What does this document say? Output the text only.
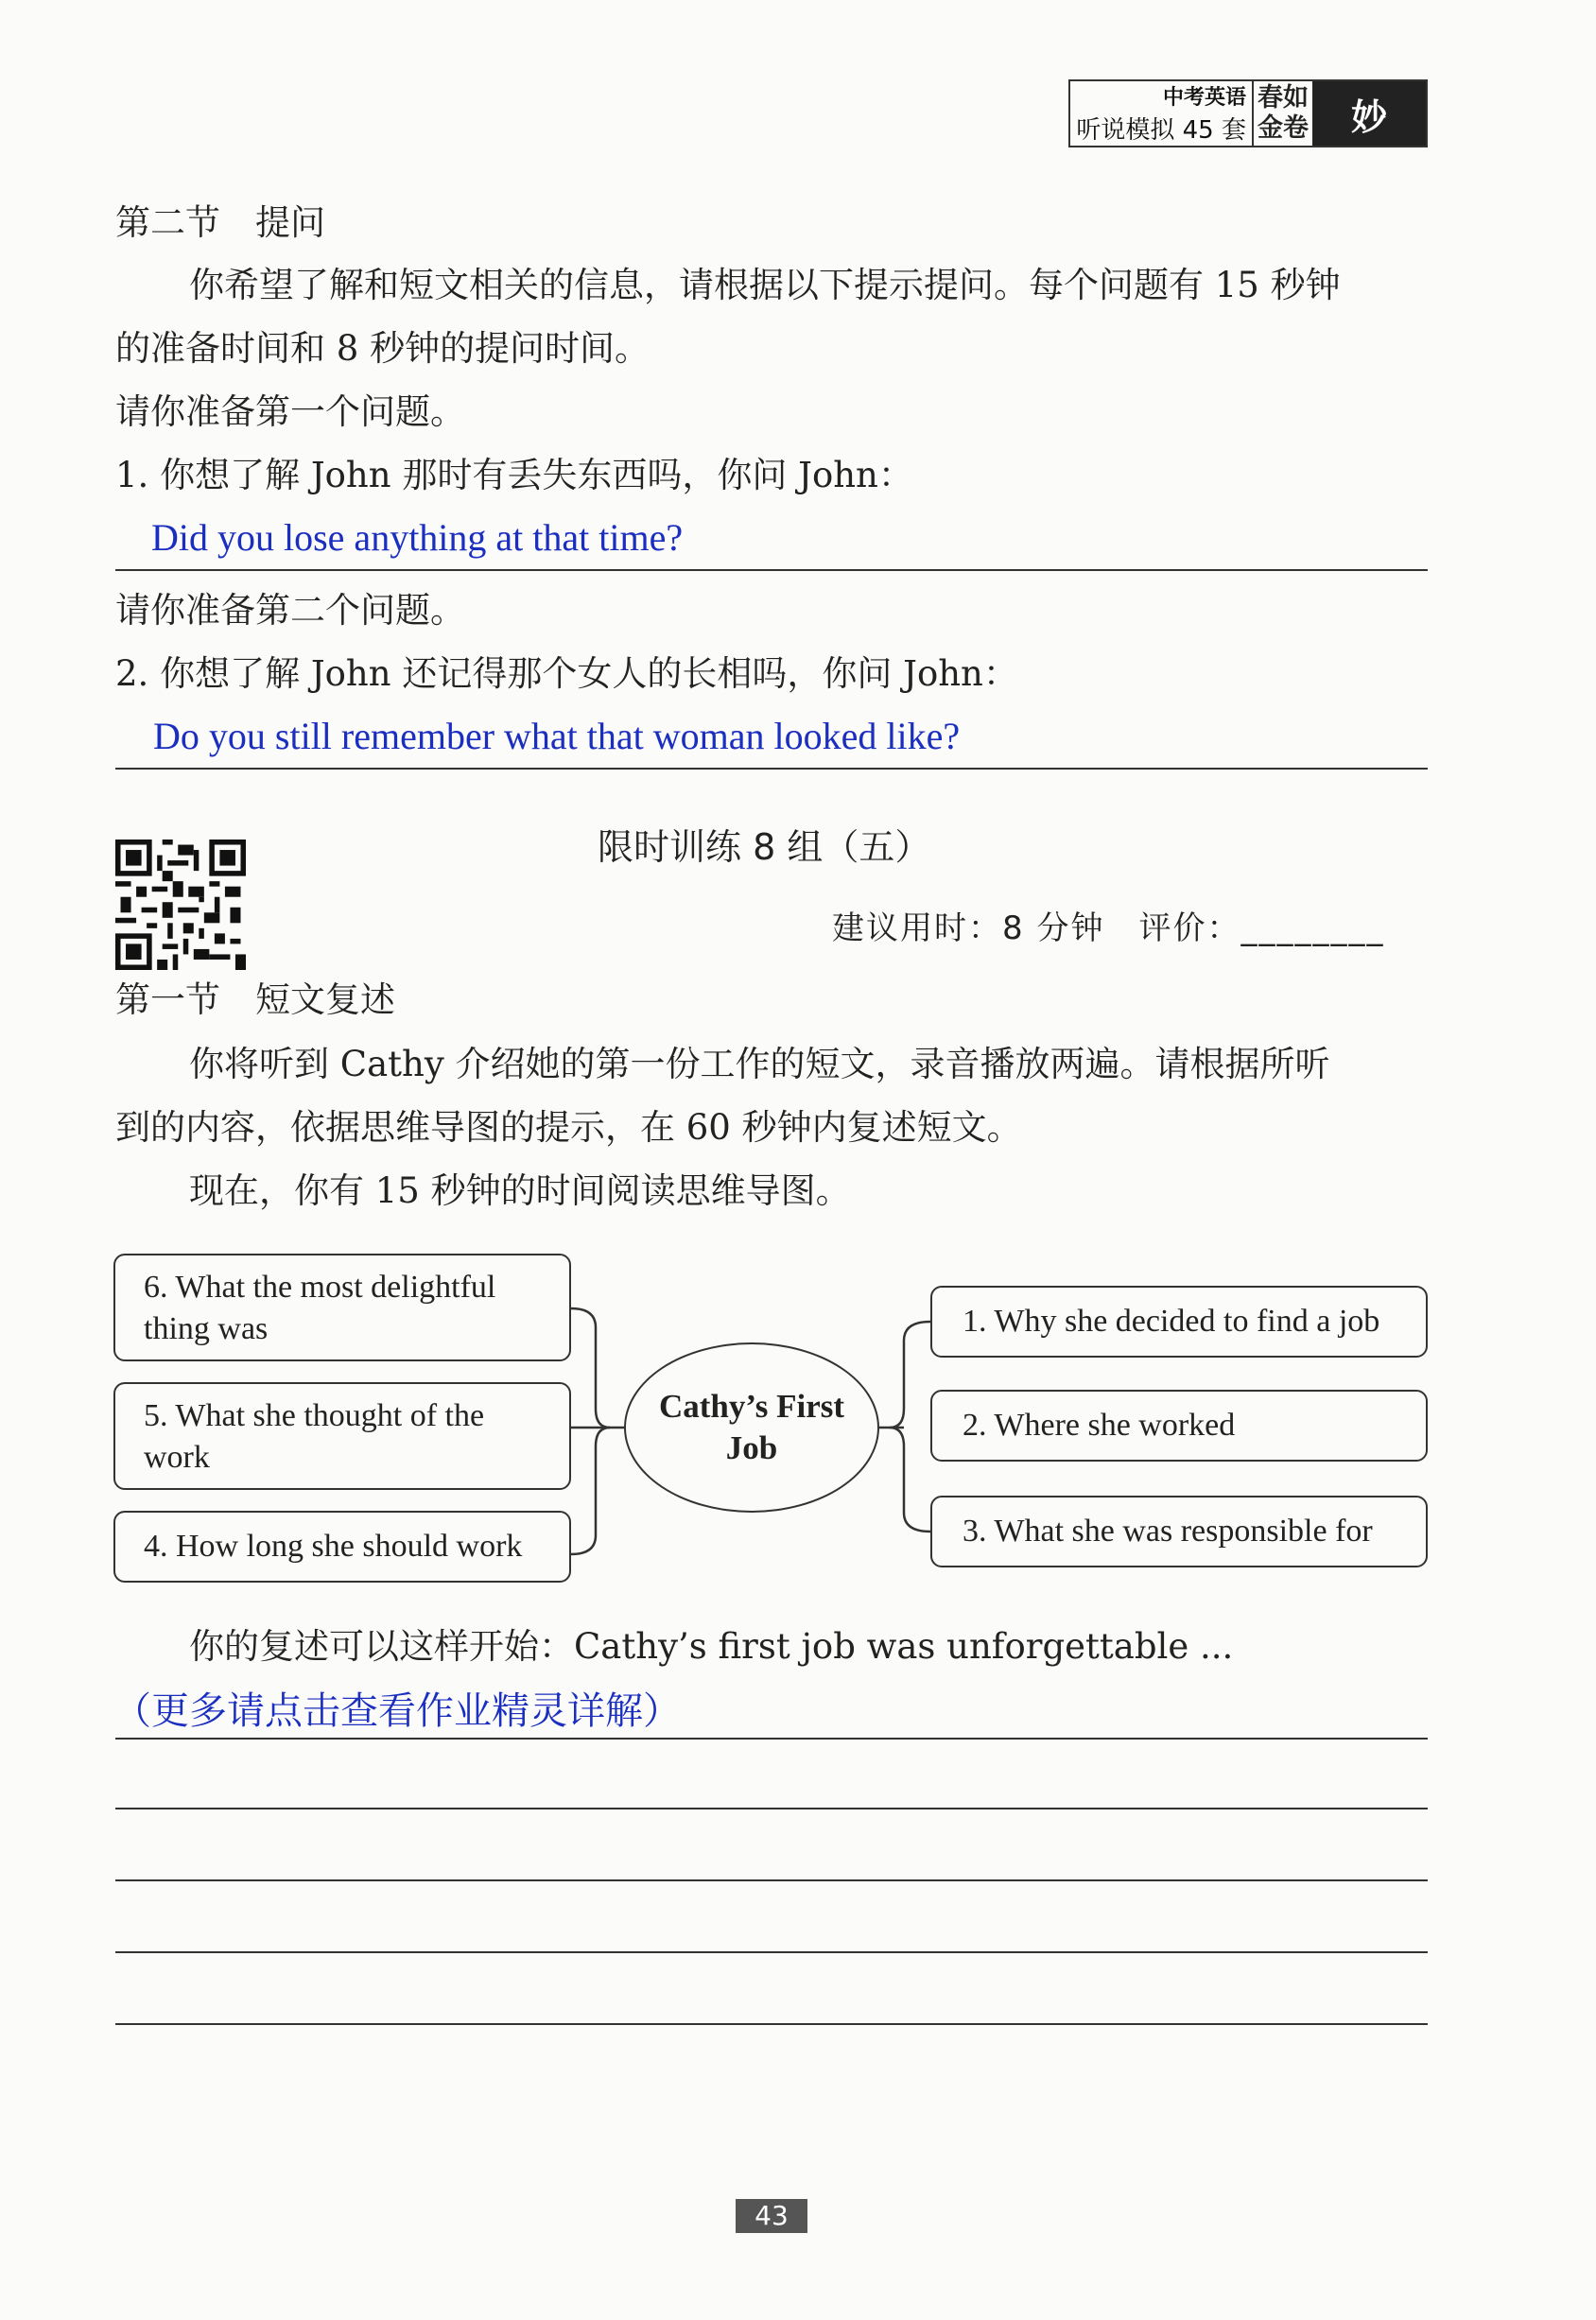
中考英语
听说模拟 45 套
春如
金卷	妙
第二节　提问
你希望了解和短文相关的信息，请根据以下提示提问。每个问题有 15 秒钟
的准备时间和 8 秒钟的提问时间。
请你准备第一个问题。
1. 你想了解 John 那时有丢失东西吗，你问 John：
Did you lose anything at that time?
请你准备第二个问题。
2. 你想了解 John 还记得那个女人的长相吗，你问 John：
Do you still remember what that woman looked like?
限时训练 8 组（五）
建议用时：8 分钟　评价：________
第一节　短文复述
你将听到 Cathy 介绍她的第一份工作的短文，录音播放两遍。请根据所听
到的内容，依据思维导图的提示，在 60 秒钟内复述短文。
现在，你有 15 秒钟的时间阅读思维导图。
6. What the most delightful
thing was
5. What she thought of the
work
4. How long she should work
Cathy’s First
Job
1. Why she decided to find a job
2. Where she worked
3. What she was responsible for
你的复述可以这样开始：Cathy’s first job was unforgettable ...
（更多请点击查看作业精灵详解）
43
